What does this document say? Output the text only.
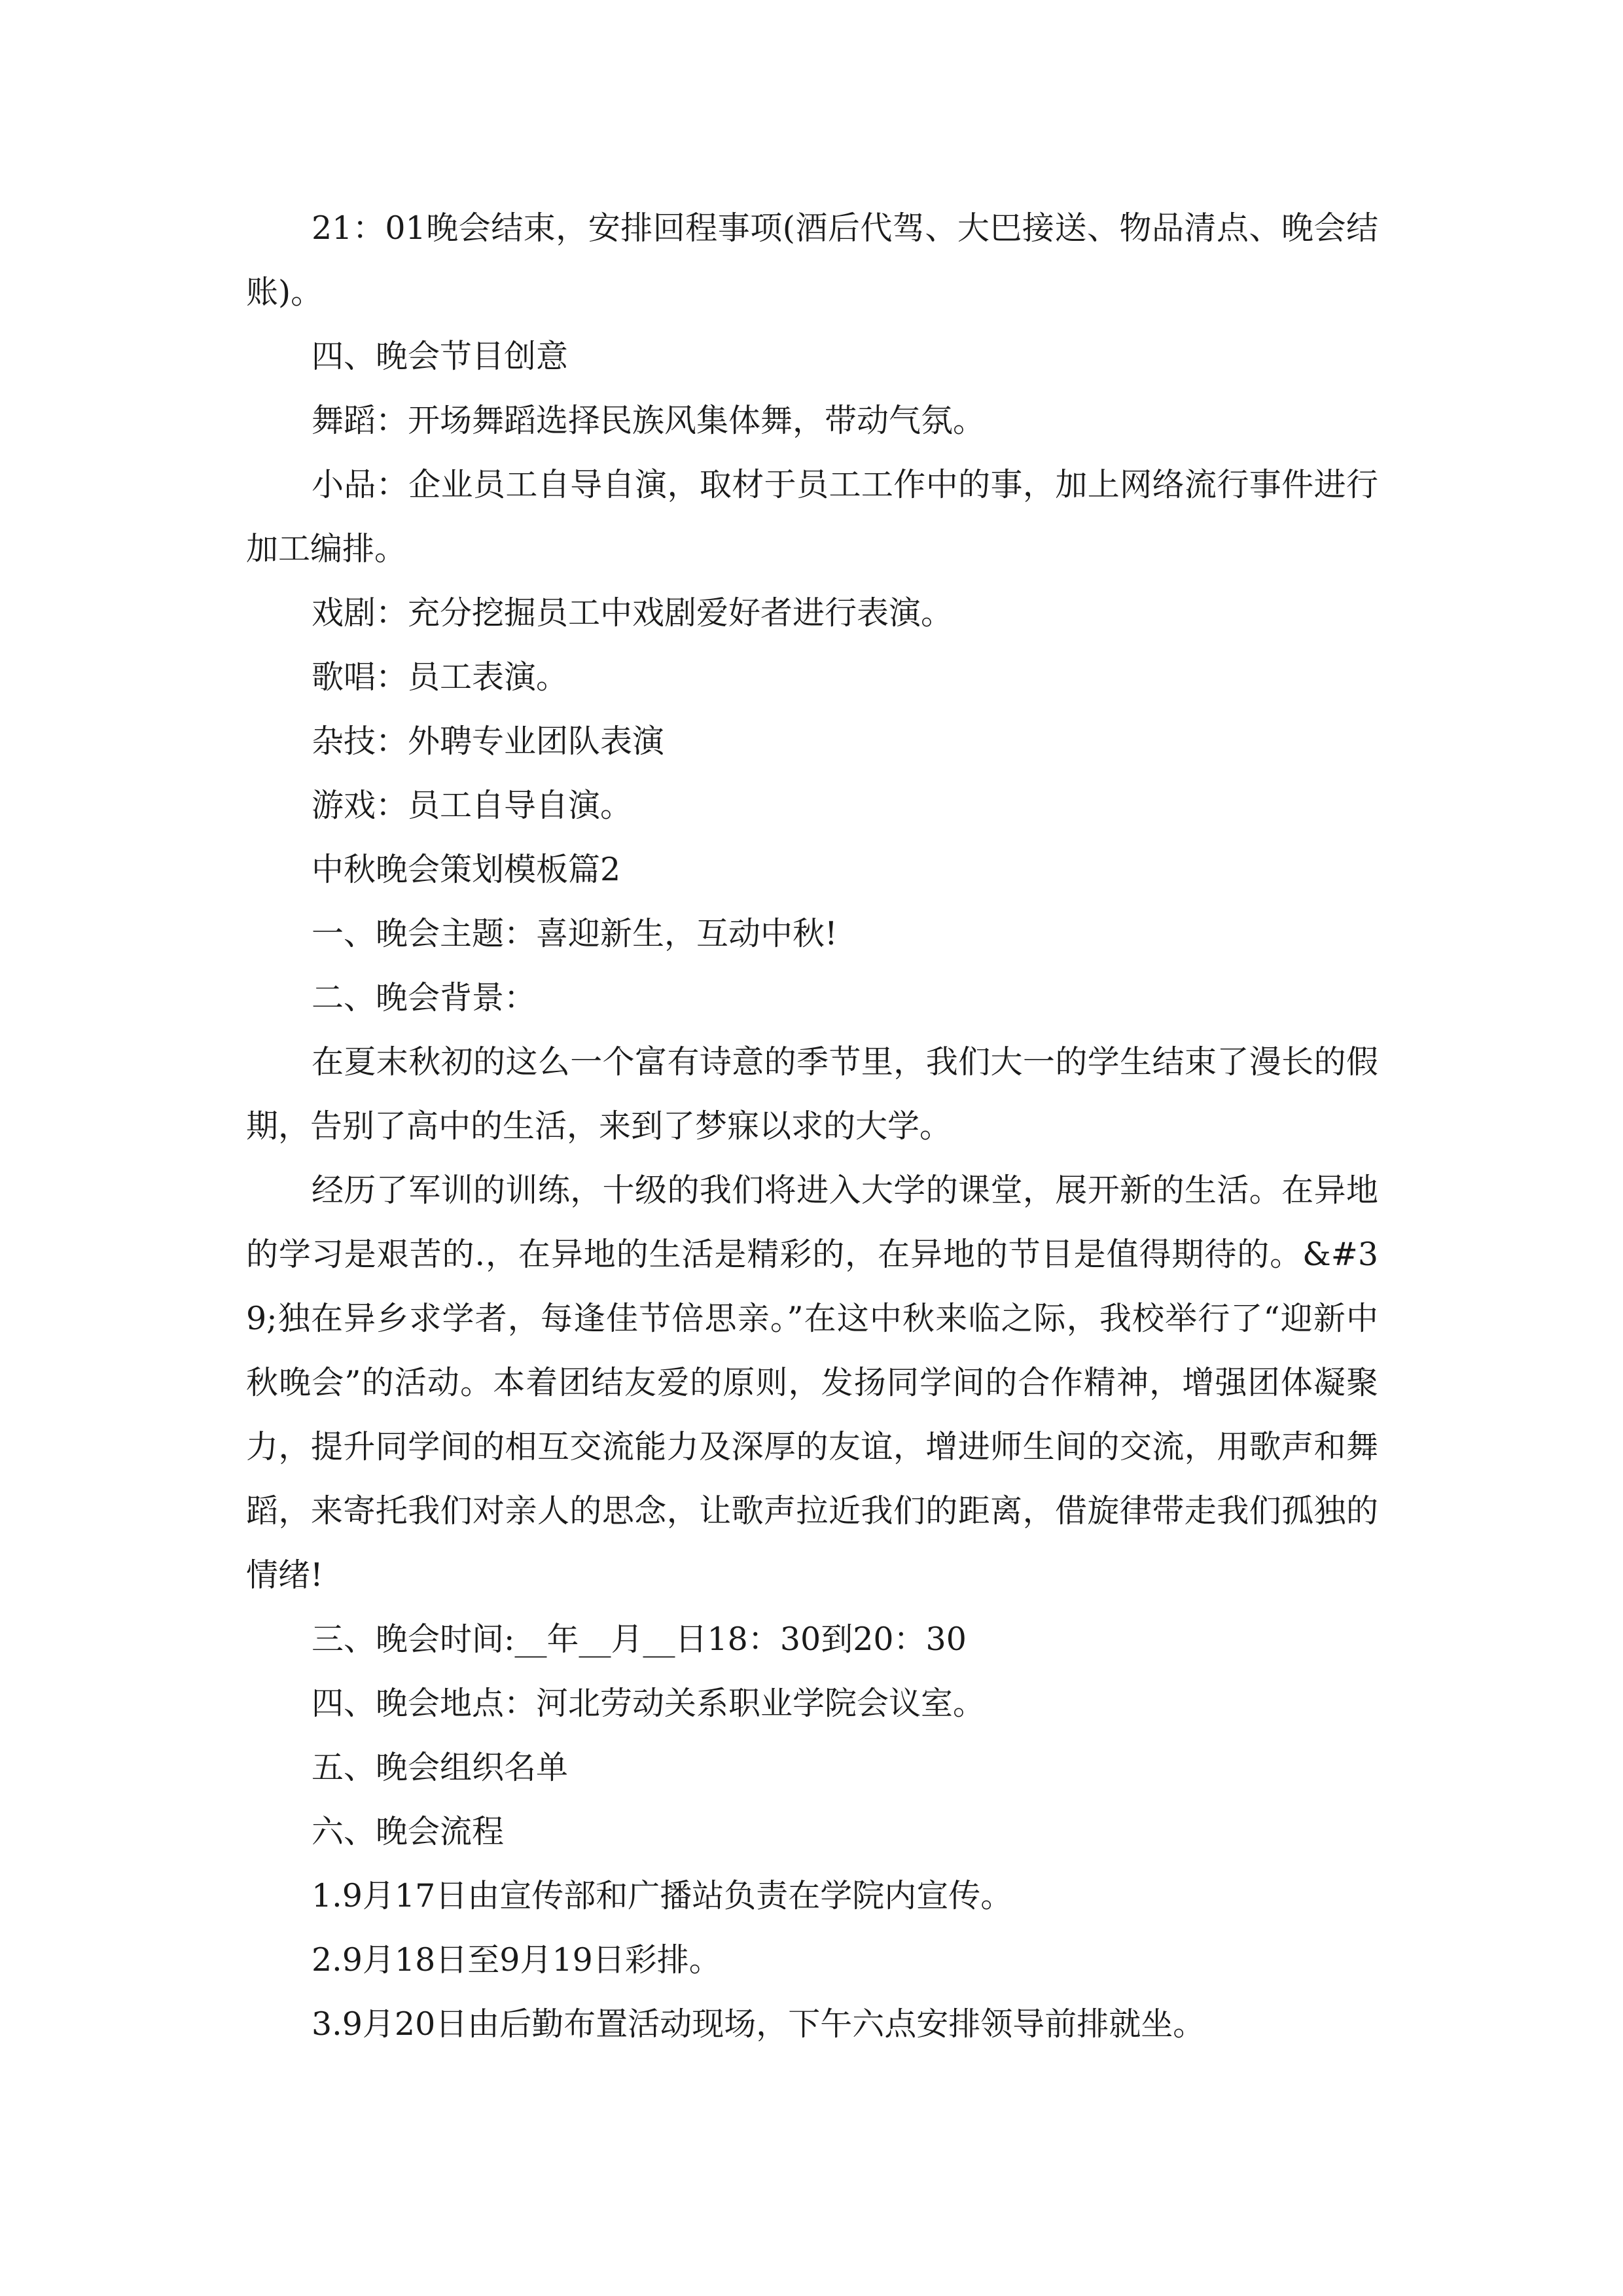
21：01晚会结束，安排回程事项(酒后代驾、大巴接送、物品清点、晚会结账)。

四、晚会节目创意

舞蹈：开场舞蹈选择民族风集体舞，带动气氛。

小品：企业员工自导自演，取材于员工工作中的事，加上网络流行事件进行加工编排。

戏剧：充分挖掘员工中戏剧爱好者进行表演。

歌唱：员工表演。

杂技：外聘专业团队表演

游戏：员工自导自演。

中秋晚会策划模板篇2

一、晚会主题：喜迎新生，互动中秋!

二、晚会背景：

在夏末秋初的这么一个富有诗意的季节里，我们大一的学生结束了漫长的假期，告别了高中的生活，来到了梦寐以求的大学。

经历了军训的训练，十级的我们将进入大学的课堂，展开新的生活。在异地的学习是艰苦的.，在异地的生活是精彩的，在异地的节目是值得期待的。&#39;独在异乡求学者，每逢佳节倍思亲。”在这中秋来临之际，我校举行了“迎新中秋晚会”的活动。本着团结友爱的原则，发扬同学间的合作精神，增强团体凝聚力，提升同学间的相互交流能力及深厚的友谊，增进师生间的交流，用歌声和舞蹈，来寄托我们对亲人的思念，让歌声拉近我们的距离，借旋律带走我们孤独的情绪!

三、晚会时间:__年__月__日18：30到20：30

四、晚会地点：河北劳动关系职业学院会议室。

五、晚会组织名单

六、晚会流程

1.9月17日由宣传部和广播站负责在学院内宣传。

2.9月18日至9月19日彩排。

3.9月20日由后勤布置活动现场，下午六点安排领导前排就坐。
